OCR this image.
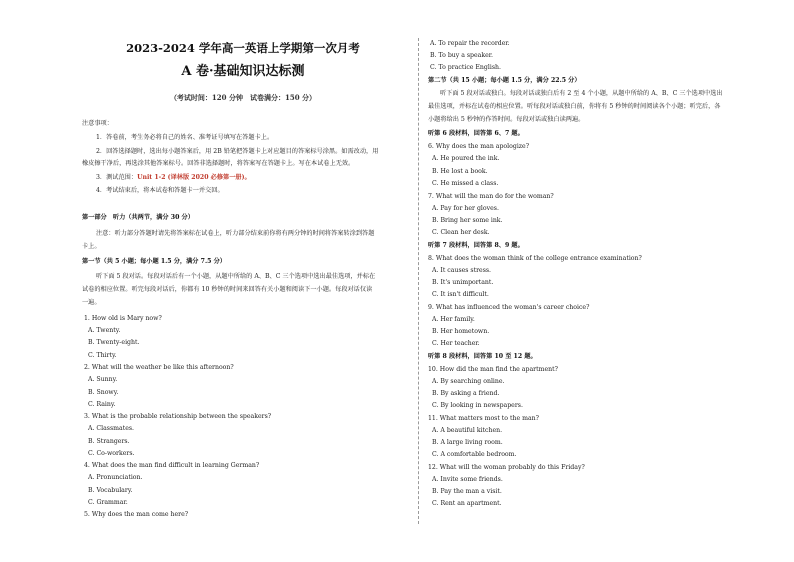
2023-2024 学年高一英语上学期第一次月考
A 卷·基础知识达标测
（考试时间：120 分钟　试卷满分：150 分）
注意事项：
1．答卷前，考生务必将自己的姓名、准考证号填写在答题卡上。
2．回答选择题时，选出每小题答案后，用 2B 铅笔把答题卡上对应题目的答案标号涂黑。如需改动，用
橡皮擦干净后，再选涂其他答案标号。回答非选择题时，将答案写在答题卡上。写在本试卷上无效。
3．测试范围：Unit 1-2 (译林版 2020 必修第一册)。
4．考试结束后，将本试卷和答题卡一并交回。
第一部分　听力（共两节，满分 30 分）
注意：听力部分答题时请先将答案标在试卷上，听力部分结束前你将有两分钟的时间将答案转涂到答题
卡上。
第一节（共 5 小题；每小题 1.5 分，满分 7.5 分）
听下面 5 段对话。每段对话后有一个小题，从题中所给的 A、B、C 三个选项中选出最佳选项，并标在
试卷的相应位置。听完每段对话后，你都有 10 秒钟的时间来回答有关小题和阅读下一小题。每段对话仅读
一遍。
1. How old is Mary now?
A. Twenty.
B. Twenty-eight.
C. Thirty.
2. What will the weather be like this afternoon?
A. Sunny.
B. Snowy.
C. Rainy.
3. What is the probable relationship between the speakers?
A. Classmates.
B. Strangers.
C. Co-workers.
4. What does the man find difficult in learning German?
A. Pronunciation.
B. Vocabulary.
C. Grammar.
5. Why does the man come here?
A. To repair the recorder.
B. To buy a speaker.
C. To practice English.
第二节（共 15 小题；每小题 1.5 分，满分 22.5 分）
听下面 5 段对话或独白。每段对话或独白后有 2 至 4 个小题，从题中所给的 A、B、C 三个选项中选出
最佳选项，并标在试卷的相应位置。听每段对话或独白前，你将有 5 秒钟的时间阅读各个小题；听完后，各
小题将给出 5 秒钟的作答时间。每段对话或独白读两遍。
听第 6 段材料，回答第 6、7 题。
6. Why does the man apologize?
A. He poured the ink.
B. He lost a book.
C. He missed a class.
7. What will the man do for the woman?
A. Pay for her gloves.
B. Bring her some ink.
C. Clean her desk.
听第 7 段材料，回答第 8、9 题。
8. What does the woman think of the college entrance examination?
A. It causes stress.
B. It's unimportant.
C. It isn't difficult.
9. What has influenced the woman's career choice?
A. Her family.
B. Her hometown.
C. Her teacher.
听第 8 段材料，回答第 10 至 12 题。
10. How did the man find the apartment?
A. By searching online.
B. By asking a friend.
C. By looking in newspapers.
11. What matters most to the man?
A. A beautiful kitchen.
B. A large living room.
C. A comfortable bedroom.
12. What will the woman probably do this Friday?
A. Invite some friends.
B. Pay the man a visit.
C. Rent an apartment.
